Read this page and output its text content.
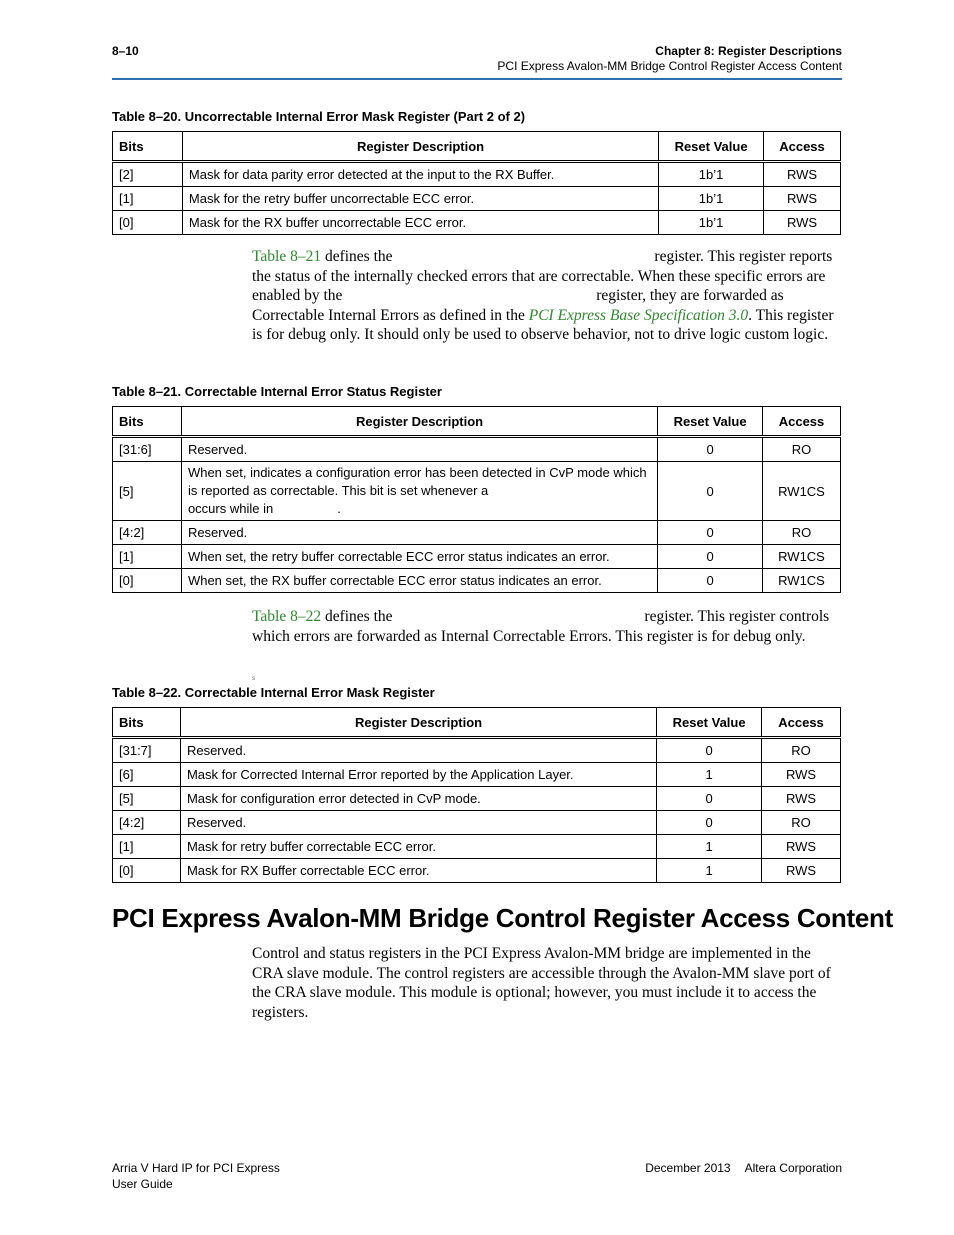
8–10	Chapter 8: Register Descriptions
PCI Express Avalon-MM Bridge Control Register Access Content
Table 8–20. Uncorrectable Internal Error Mask Register (Part 2 of 2)
Bits	Register Description	Reset Value	Access
[2]	Mask for data parity error detected at the input to the RX Buffer.	1b’1	RWS
[1]	Mask for the retry buffer uncorrectable ECC error.	1b’1	RWS
[0]	Mask for the RX buffer uncorrectable ECC error.	1b’1	RWS
Table 8–21 defines the	register. This register reports the status of the internally checked errors that are correctable. When these specific errors are enabled by the	register, they are forwarded as Correctable Internal Errors as defined in the PCI Express Base Specification 3.0. This register is for debug only. It should only be used to observe behavior, not to drive logic custom logic.
Table 8–21. Correctable Internal Error Status Register
Bits	Register Description	Reset Value	Access
[31:6]	Reserved.	0	RO
[5]	When set, indicates a configuration error has been detected in CvP mode which
is reported as correctable. This bit is set whenever a
occurs while in .	0	RW1CS
[4:2]	Reserved.	0	RO
[1]	When set, the retry buffer correctable ECC error status indicates an error.	0	RW1CS
[0]	When set, the RX buffer correctable ECC error status indicates an error.	0	RW1CS
Table 8–22 defines the	register. This register controls which errors are forwarded as Internal Correctable Errors. This register is for debug only.
s
Table 8–22. Correctable Internal Error Mask Register
Bits	Register Description	Reset Value	Access
[31:7]	Reserved.	0	RO
[6]	Mask for Corrected Internal Error reported by the Application Layer.	1	RWS
[5]	Mask for configuration error detected in CvP mode.	0	RWS
[4:2]	Reserved.	0	RO
[1]	Mask for retry buffer correctable ECC error.	1	RWS
[0]	Mask for RX Buffer correctable ECC error.	1	RWS
PCI Express Avalon-MM Bridge Control Register Access Content
Control and status registers in the PCI Express Avalon-MM bridge are implemented in the CRA slave module. The control registers are accessible through the Avalon-MM slave port of the CRA slave module. This module is optional; however, you must include it to access the registers.
Arria V Hard IP for PCI Express
User Guide
December 2013 Altera Corporation
